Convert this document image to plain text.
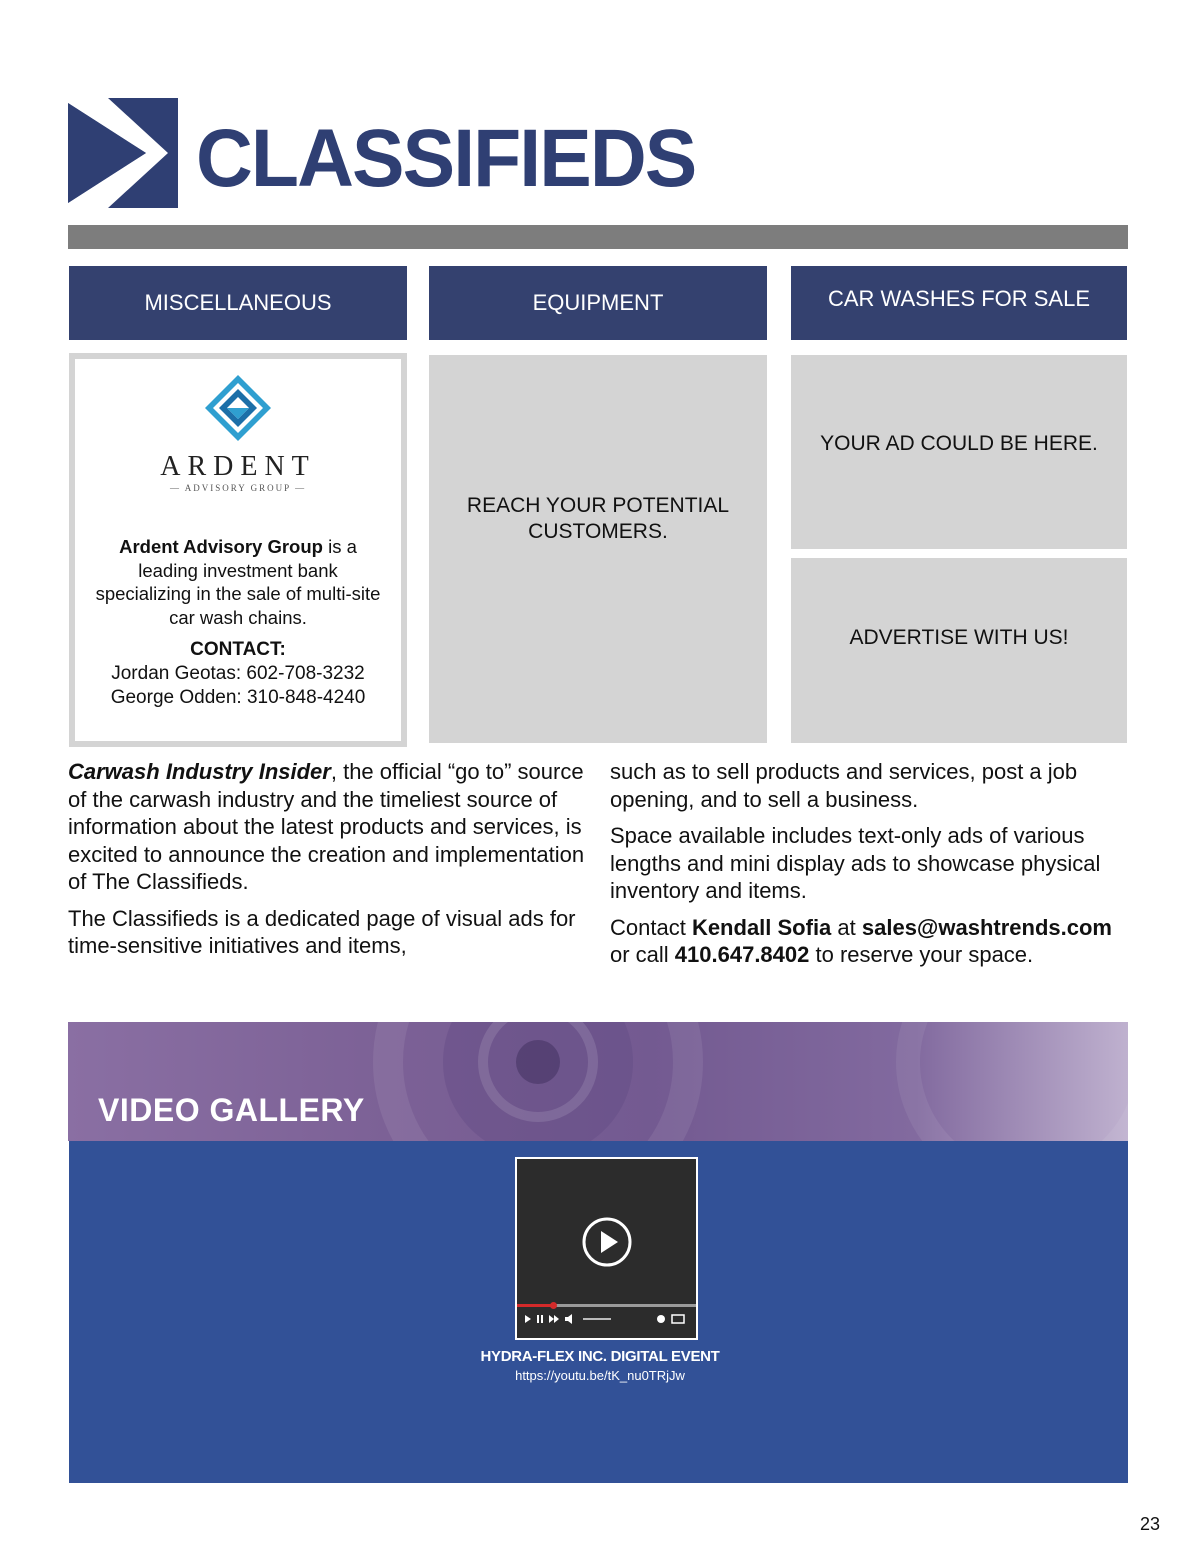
CLASSIFIEDS
MISCELLANEOUS	EQUIPMENT	CAR WASHES FOR SALE
ARDENT
— ADVISORY GROUP —
Ardent Advisory Group is a leading investment bank specializing in the sale of multi-site car wash chains.
CONTACT:
Jordan Geotas: 602-708-3232
George Odden: 310-848-4240
REACH YOUR POTENTIAL CUSTOMERS.
YOUR AD COULD BE HERE.
ADVERTISE WITH US!

Carwash Industry Insider, the official “go to” source of the carwash industry and the timeliest source of information about the latest products and services, is excited to announce the creation and implementation of The Classifieds.

The Classifieds is a dedicated page of visual ads for time-sensitive initiatives and items,

such as to sell products and services, post a job opening, and to sell a business.

Space available includes text-only ads of various lengths and mini display ads to showcase physical inventory and items.

Contact Kendall Sofia at sales@washtrends.com or call 410.647.8402 to reserve your space.

VIDEO GALLERY
HYDRA-FLEX INC. DIGITAL EVENT
https://youtu.be/tK_nu0TRjJw
23
